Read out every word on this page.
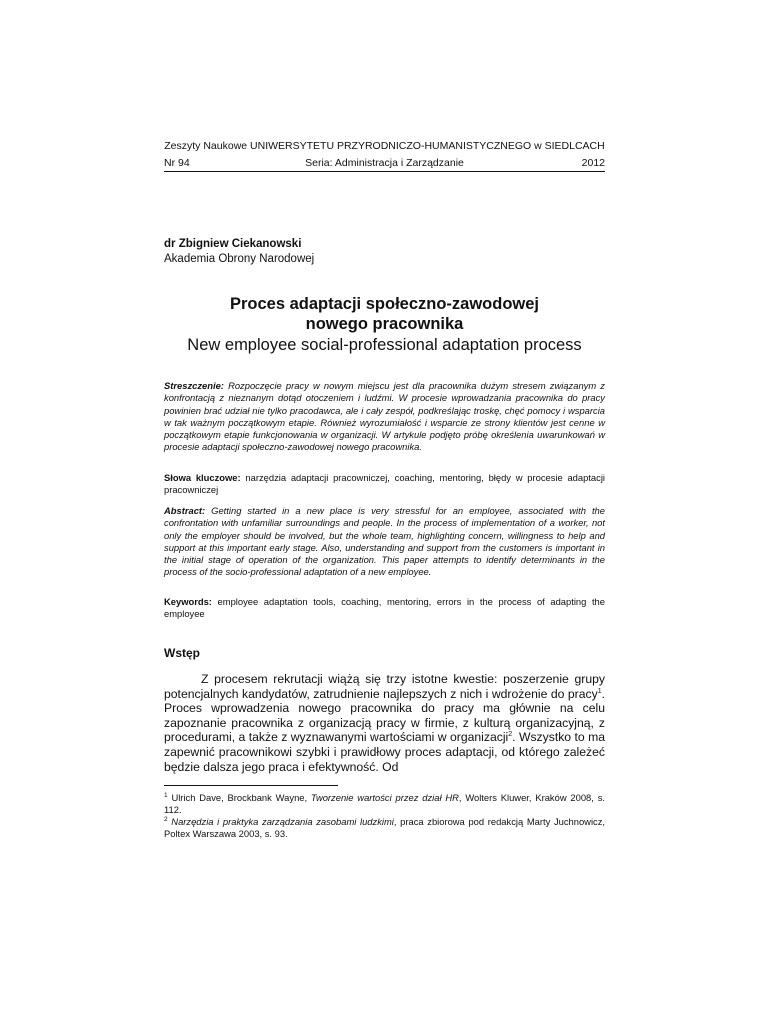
Zeszyty Naukowe UNIWERSYTETU PRZYRODNICZO-HUMANISTYCZNEGO w SIEDLCACH
Nr 94	Seria: Administracja i Zarządzanie	2012
dr Zbigniew Ciekanowski
Akademia Obrony Narodowej
Proces adaptacji społeczno-zawodowej
nowego pracownika
New employee social-professional adaptation process
Streszczenie: Rozpoczęcie pracy w nowym miejscu jest dla pracownika dużym stresem związanym z konfrontacją z nieznanym dotąd otoczeniem i ludźmi. W procesie wprowadzania pracownika do pracy powinien brać udział nie tylko pracodawca, ale i cały zespół, podkreślając troskę, chęć pomocy i wsparcia w tak ważnym początkowym etapie. Również wyrozumiałość i wsparcie ze strony klientów jest cenne w początkowym etapie funkcjonowania w organizacji. W artykule podjęto próbę określenia uwarunkowań w procesie adaptacji społeczno-zawodowej nowego pracownika.
Słowa kluczowe: narzędzia adaptacji pracowniczej, coaching, mentoring, błędy w procesie adaptacji pracowniczej
Abstract: Getting started in a new place is very stressful for an employee, associated with the confrontation with unfamiliar surroundings and people. In the process of implementation of a worker, not only the employer should be involved, but the whole team, highlighting concern, willingness to help and support at this important early stage. Also, understanding and support from the customers is important in the initial stage of operation of the organization. This paper attempts to identify determinants in the process of the socio-professional adaptation of a new employee.
Keywords: employee adaptation tools, coaching, mentoring, errors in the process of adapting the employee
Wstęp
Z procesem rekrutacji wiążą się trzy istotne kwestie: poszerzenie grupy potencjalnych kandydatów, zatrudnienie najlepszych z nich i wdrożenie do pracy$^1$. Proces wprowadzenia nowego pracownika do pracy ma głównie na celu zapoznanie pracownika z organizacją pracy w firmie, z kulturą organizacyjną, z procedurami, a także z wyznawanymi wartościami w organizacji$^2$. Wszystko to ma zapewnić pracownikowi szybki i prawidłowy proces adaptacji, od którego zależeć będzie dalsza jego praca i efektywność. Od

$^1$ Ulrich Dave, Brockbank Wayne, Tworzenie wartości przez dział HR, Wolters Kluwer, Kraków 2008, s. 112.

$^2$ Narzędzia i praktyka zarządzania zasobami ludzkimi, praca zbiorowa pod redakcją Marty Juchnowicz, Poltex Warszawa 2003, s. 93.
